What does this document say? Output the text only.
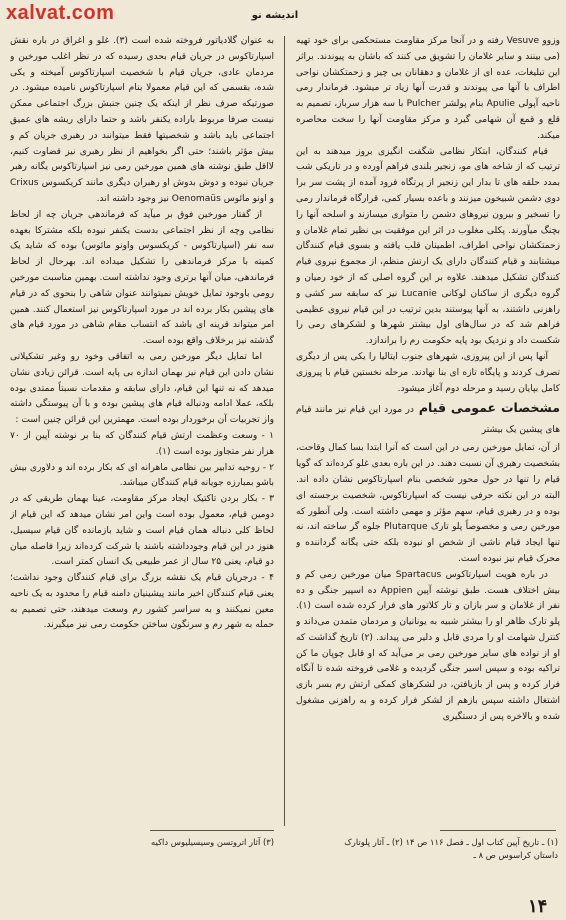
xalvat.com	اندیشه نو

وزوو Vesuve رفته و در آنجا مرکز مقاومت مستحکمی برای خود تهیه (می بینند و سایر غلامان را تشویق می کنند که باشان به پیوندند. براثر این تبلیغات، عده ای از غلامان و دهقانان بی چیز و زحمتکشان نواحی اطراف با آنها می پیوندند و قدرت آنها زیاد تر میشود. فرماندار رمی ناحیه آپولی Apulie بنام پولشر Pulcher با سه هزار سرباز، تصمیم به قلع و قمع آن شهامی گیرد و مرکز مقاومت آنها را سخت محاصره میکند.

قیام کنندگان، ابتکار نظامی شگفت انگیزی بروز میدهند به این ترتیب که از شاخه های مو، زنجیر بلندی فراهم آورده و در تاریکی شب بمدد حلقه های تا بدار این زنجیر از پرتگاه فرود آمده از پشت سر برا دوی دشمن شبیخون میزنند و باعده بسیار کمی، قرارگاه فرماندار رمی را تسخیر و بیرون نیروهای دشمن را متواری میسازند و اسلحه آنها را بچنگ میآورند. پکلی مغلوب در اثر این موفقیت بی نظیر تمام غلامان و زحمتکشان نواحی اطراف، اطمینان قلب یافته و بسوی قیام کنندگان میشتابند و قیام کنندگان دارای یک ارتش منظم، از مجموع نیروی قیام کنندگان تشکیل میدهند. علاوه بر این گروه اصلی که از خود رمیان و گروه دیگری از ساکنان لوکانی Lucanie نیز که سابقه سر کشی و راهزنی داشتند، به آنها پیوستند بدین ترتیب در این قیام نیروی عظیمی فراهم شد که در سال‌های اول بیشتر شهرها و لشکرهای رمی را شکست داد و نزدیک بود پایه حکومت رم را براندازد.

آنها پس از این پیروزی، شهرهای جنوب ایتالیا را یکی پس از دیگری تصرف کردند و پایگاه تازه ای بنا نهادند. مرحله نخستین قیام با پیروزی کامل بپایان رسید و مرحله دوم آغاز میشود.

مشخصات عمومی قیام در مورد این قیام نیز مانند قیام های پیشین یک بیشتر

از آن، تمایل مورخین رمی در این است که آنرا ابتدا بسا کمال وقاحت، بشخصیت رهبری آن نسبت دهند. در این باره بعدی غلو کرده‌اند که گویا قیام را تنها در حول محور شخصی بنام اسپارتاکوس نشان داده اند. البته در این نکته حرفی نیست که اسپارتاکوس، شخصیت برجسته ای بوده و در رهبری قیام، سهم مؤثر و مهمی داشته است. ولی آنطور که مورخین رمی و مخصوصاً پلو تارک Plutarque جلوه گر ساخته اند، نه تنها ایجاد قیام ناشی از شخص او نبوده بلکه حتی یگانه گرداننده و محرک قیام نیز نبوده است.

در باره هویت اسپارتاکوس Spartacus میان مورخین رمی کم و بیش اختلاف هست. طبق نوشته آپین Appien ده اسپیر جنگی و ده نفر از غلامان و سر بازان و تار کلاتور های فرار کرده شده است (۱). پلو تارک ظاهر او را بیشتر شبیه به یونانیان و مردمان متمدن می‌داند و کنترل شهامت او را مردی قابل و دلیر می پیداند. (۲) تاریخ گذاشت که او از نواده های سایر مورخین رمی بر می‌آید که او قابل چوپان ما کن تراکیه بوده و سپس اسیر جنگی گردیده و غلامی فروخته شده تا آنگاه فرار کرده و پس از بازیافتن، در لشکرهای کمکی ارتش رم بسر بازی اشتغال داشته سپس بازهم از لشکر فرار کرده و به راهزنی مشغول شده و بالاخره پس از دستگیری

به عنوان گلادیاتور فروخته شده است (۳). غلو و اغراق در باره نقش اسپارتاکوس در جریان قیام بحدی رسیده که در نظر اغلب مورخین و مردمان عادی، جریان قیام با شخصیت اسپارتاکوس آمیخته و یکی شده، بقسمی که این قیام معمولا بنام اسپارتاکوس نامیده میشود. در صورتیکه صرف نظر از اینکه یک چنین جنبش بزرگ اجتماعی ممکن نیست صرفا مربوط باراده یکنفر باشد و حتما دارای ریشه های عمیق اجتماعی باید باشد و شخصیتها فقط میتوانند در رهبری جریان کم و بیش مؤثر باشند؛ حتی اگر بخواهیم از نظر رهبری نیز قضاوت کنیم، لااقل طبق نوشته های همین مورخین رمی نیز اسپارتاکوس یگانه رهبر جریان نبوده و دوش بدوش او رهبران دیگری مانند کریکسوس Crixus و اونو مائوس Oenomaüs نیز وجود داشته اند.

از گفتار مورخین فوق بر میآید که فرماندهی جریان چه از لحاظ نظامی وچه از نظر اجتماعی بدست یکنفر نبوده بلکه مشترکا بعهده سه نفر (اسپارتاکوس - کریکسوس واونو مائوس) بوده که شاید یک کمیته با مرکز فرماندهی را تشکیل میداده اند. بهرحال از لحاظ فرماندهی، میان آنها برتری وجود نداشته است. بهمین مناسبت مورخین رومی باوجود تمایل خویش نمیتوانند عنوان شاهی را بنحوی که در قیام های پیشین بکار برده اند در مورد اسپارتاکوس نیز استعمال کنند. همین امر میتواند قرینه ای باشد که انتساب مقام شاهی در مورد قیام های گذشته نیز برخلاف واقع بوده است.

اما تمایل دیگر مورخین رمی به اتفاقی وخود رو وغیر تشکیلاتی نشان دادن این قیام نیز بهمان اندازه بی پایه است. قرائن زیادی نشان میدهد که نه تنها این قیام، دارای سابقه و مقدمات نسبتاً ممتدی بوده بلکه، عملا ادامه ودنباله قیام های پیشین بوده و با آن پیوستگی داشته واز تجربیات آن برخوردار بوده است. مهمترین این قرائن چنین است :

۱ - وسعت وعظمت ارتش قیام کنندگان که بنا بر نوشته آپین از ۷۰ هزار نفر متجاوز بوده است (۱).

۲ - روحیه تدابیر بین نظامی ماهرانه ای که بکار برده اند و دلاوری بیش باشو بمبارزه جویانه قیام کنندگان میباشد.

۳ - بکار بردن تاکتیک ایجاد مرکز مقاومت، عینا بهمان طریقی که در دومین قیام، معمول بوده است واین امر نشان میدهد که این قیام از لحاظ کلی دنباله همان قیام است و شاید بازمانده گان قیام سیسیل، هنوز در این قیام وجودداشته باشند یا شرکت کرده‌اند زیرا فاصله میان دو قیام، یعنی ۲۵ سال از عمر طبیعی یک انسان کمتر است.

۴ - درجریان قیام یک نقشه بزرگ برای قیام کنندگان وجود نداشت؛ یعنی قیام کنندگان اخیر مانند پیشینیان دامنه قیام را محدود به یک ناحیه معین نمیکنند و به سراسر کشور رم وسعت میدهند، حتی تصمیم به حمله به شهر رم و سرنگون ساختن حکومت رمی نیز میگیرند.

(۱) ـ تاریخ آپین کتاب اول ـ فصل ۱۱۶ ص ۱۴ (۲) ـ آثار پلوتارک

داستان کراسوس ص ۸ ـ

(۳) آثار اتروتسن وسیسیلیوس داکیه

۱۴
